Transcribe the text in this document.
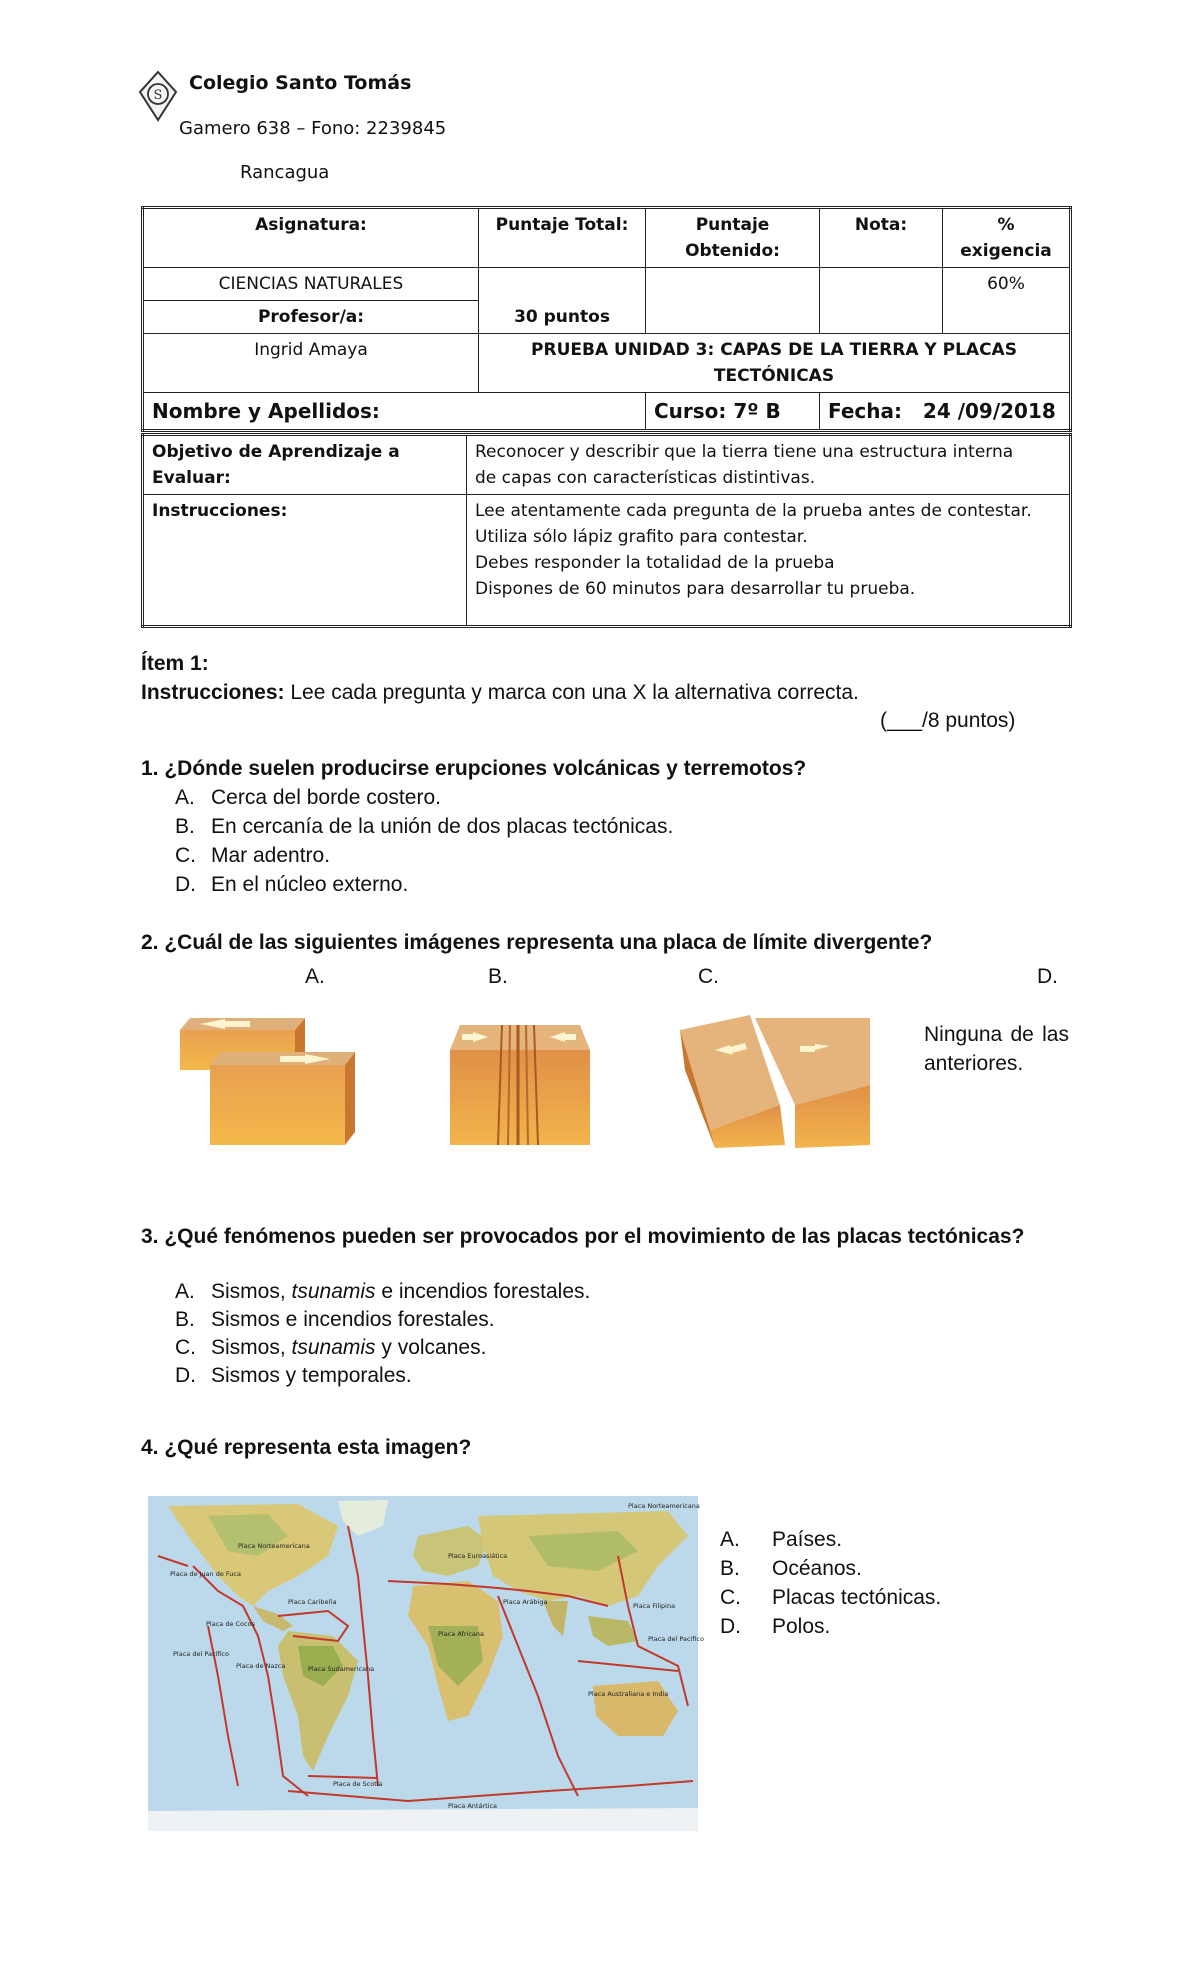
S
Colegio Santo Tomás
Gamero 638 – Fono: 2239845
Rancagua
Asignatura:	Puntaje Total:	Puntaje Obtenido:	Nota:	% exigencia
CIENCIAS NATURALES	30 puntos			60%
Profesor/a:				
Ingrid Amaya	PRUEBA UNIDAD 3: CAPAS DE LA TIERRA Y PLACAS TECTÓNICAS			
Nombre y Apellidos:		Curso: 7º B	Fecha: 24 /09/2018	
Objetivo de Aprendizaje a Evaluar:	Reconocer y describir que la tierra tiene una estructura interna
de capas con características distintivas.

Instrucciones:	Lee atentamente cada pregunta de la prueba antes de contestar.
Utiliza sólo lápiz grafito para contestar.
Debes responder la totalidad de la prueba
Dispones de 60 minutos para desarrollar tu prueba.
Ítem 1:
Instrucciones: Lee cada pregunta y marca con una X la alternativa correcta.
(___/8 puntos)
1. ¿Dónde suelen producirse erupciones volcánicas y terremotos?
A. Cerca del borde costero.
B. En cercanía de la unión de dos placas tectónicas.
C. Mar adentro.
D. En el núcleo externo.
2. ¿Cuál de las siguientes imágenes representa una placa de límite divergente?
A.	B.	C.	D.
Ninguna de las anteriores.
3. ¿Qué fenómenos pueden ser provocados por el movimiento de las placas tectónicas?
A. Sismos, tsunamis e incendios forestales.
B. Sismos e incendios forestales.
C. Sismos, tsunamis y volcanes.
D. Sismos y temporales.
4. ¿Qué representa esta imagen?
Placa Norteamericana
Placa Euroasiática
Placa de Juan de Fuca
Placa Caribeña
Placa de Cocos
Placa del Pacífico
Placa de Nazca	Placa Sudamericana
Placa Africana
Placa Arábiga	Placa Filipina
Placa del Pacífico
Placa Australiana e India
Placa de Scotia
Placa Antártica
Placa Norteamericana
A. Países.
B. Océanos.
C. Placas tectónicas.
D. Polos.
